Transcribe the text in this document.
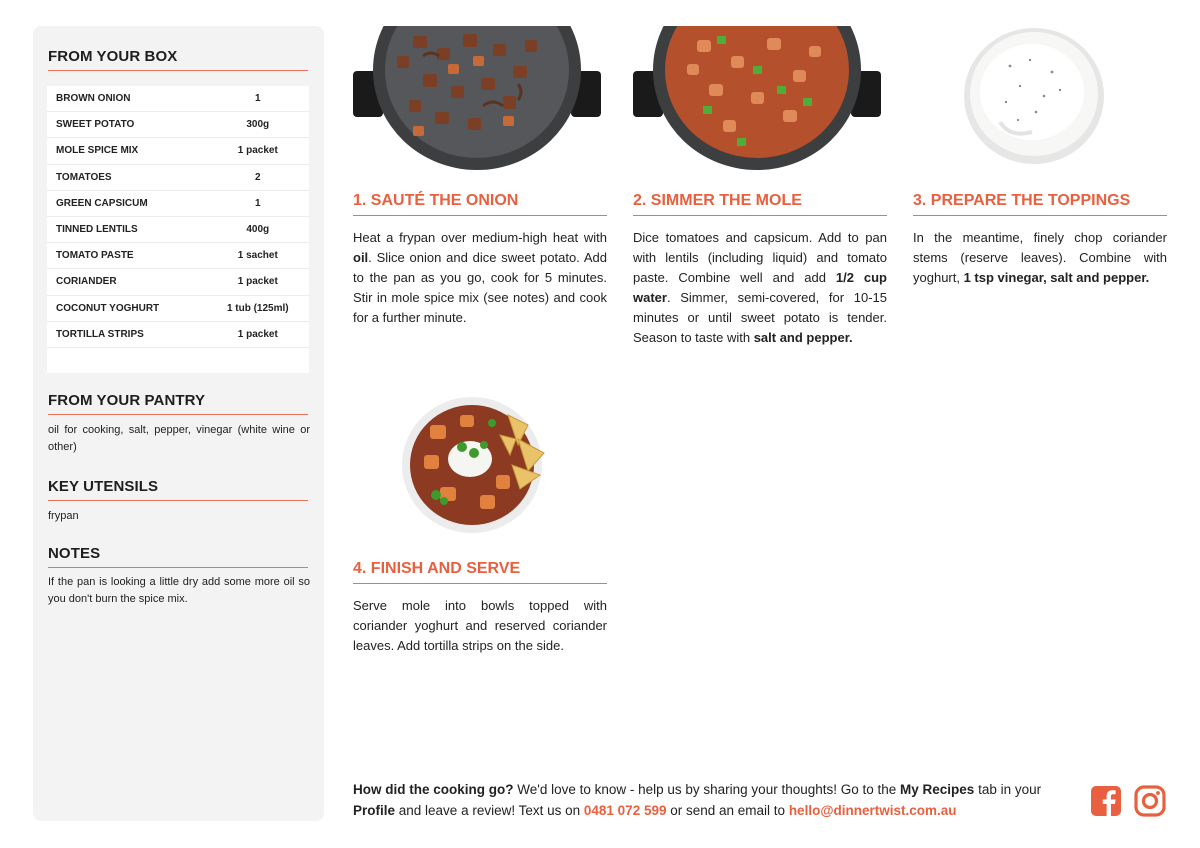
FROM YOUR BOX
BROWN ONION	1
SWEET POTATO	300g
MOLE SPICE MIX	1 packet
TOMATOES	2
GREEN CAPSICUM	1
TINNED LENTILS	400g
TOMATO PASTE	1 sachet
CORIANDER	1 packet
COCONUT YOGHURT	1 tub (125ml)
TORTILLA STRIPS	1 packet
FROM YOUR PANTRY
oil for cooking, salt, pepper, vinegar (white wine or other)
KEY UTENSILS
frypan
NOTES
If the pan is looking a little dry add some more oil so you don't burn the spice mix.
1. SAUTÉ THE ONION
Heat a frypan over medium-high heat with oil. Slice onion and dice sweet potato. Add to the pan as you go, cook for 5 minutes. Stir in mole spice mix (see notes) and cook for a further minute.
2. SIMMER THE MOLE
Dice tomatoes and capsicum. Add to pan with lentils (including liquid) and tomato paste. Combine well and add 1/2 cup water. Simmer, semi-covered, for 10-15 minutes or until sweet potato is tender. Season to taste with salt and pepper.
3. PREPARE THE TOPPINGS
In the meantime, finely chop coriander stems (reserve leaves). Combine with yoghurt, 1 tsp vinegar, salt and pepper.
4. FINISH AND SERVE
Serve mole into bowls topped with coriander yoghurt and reserved coriander leaves. Add tortilla strips on the side.
How did the cooking go? We'd love to know - help us by sharing your thoughts! Go to the My Recipes tab in your Profile and leave a review! Text us on 0481 072 599 or send an email to hello@dinnertwist.com.au
